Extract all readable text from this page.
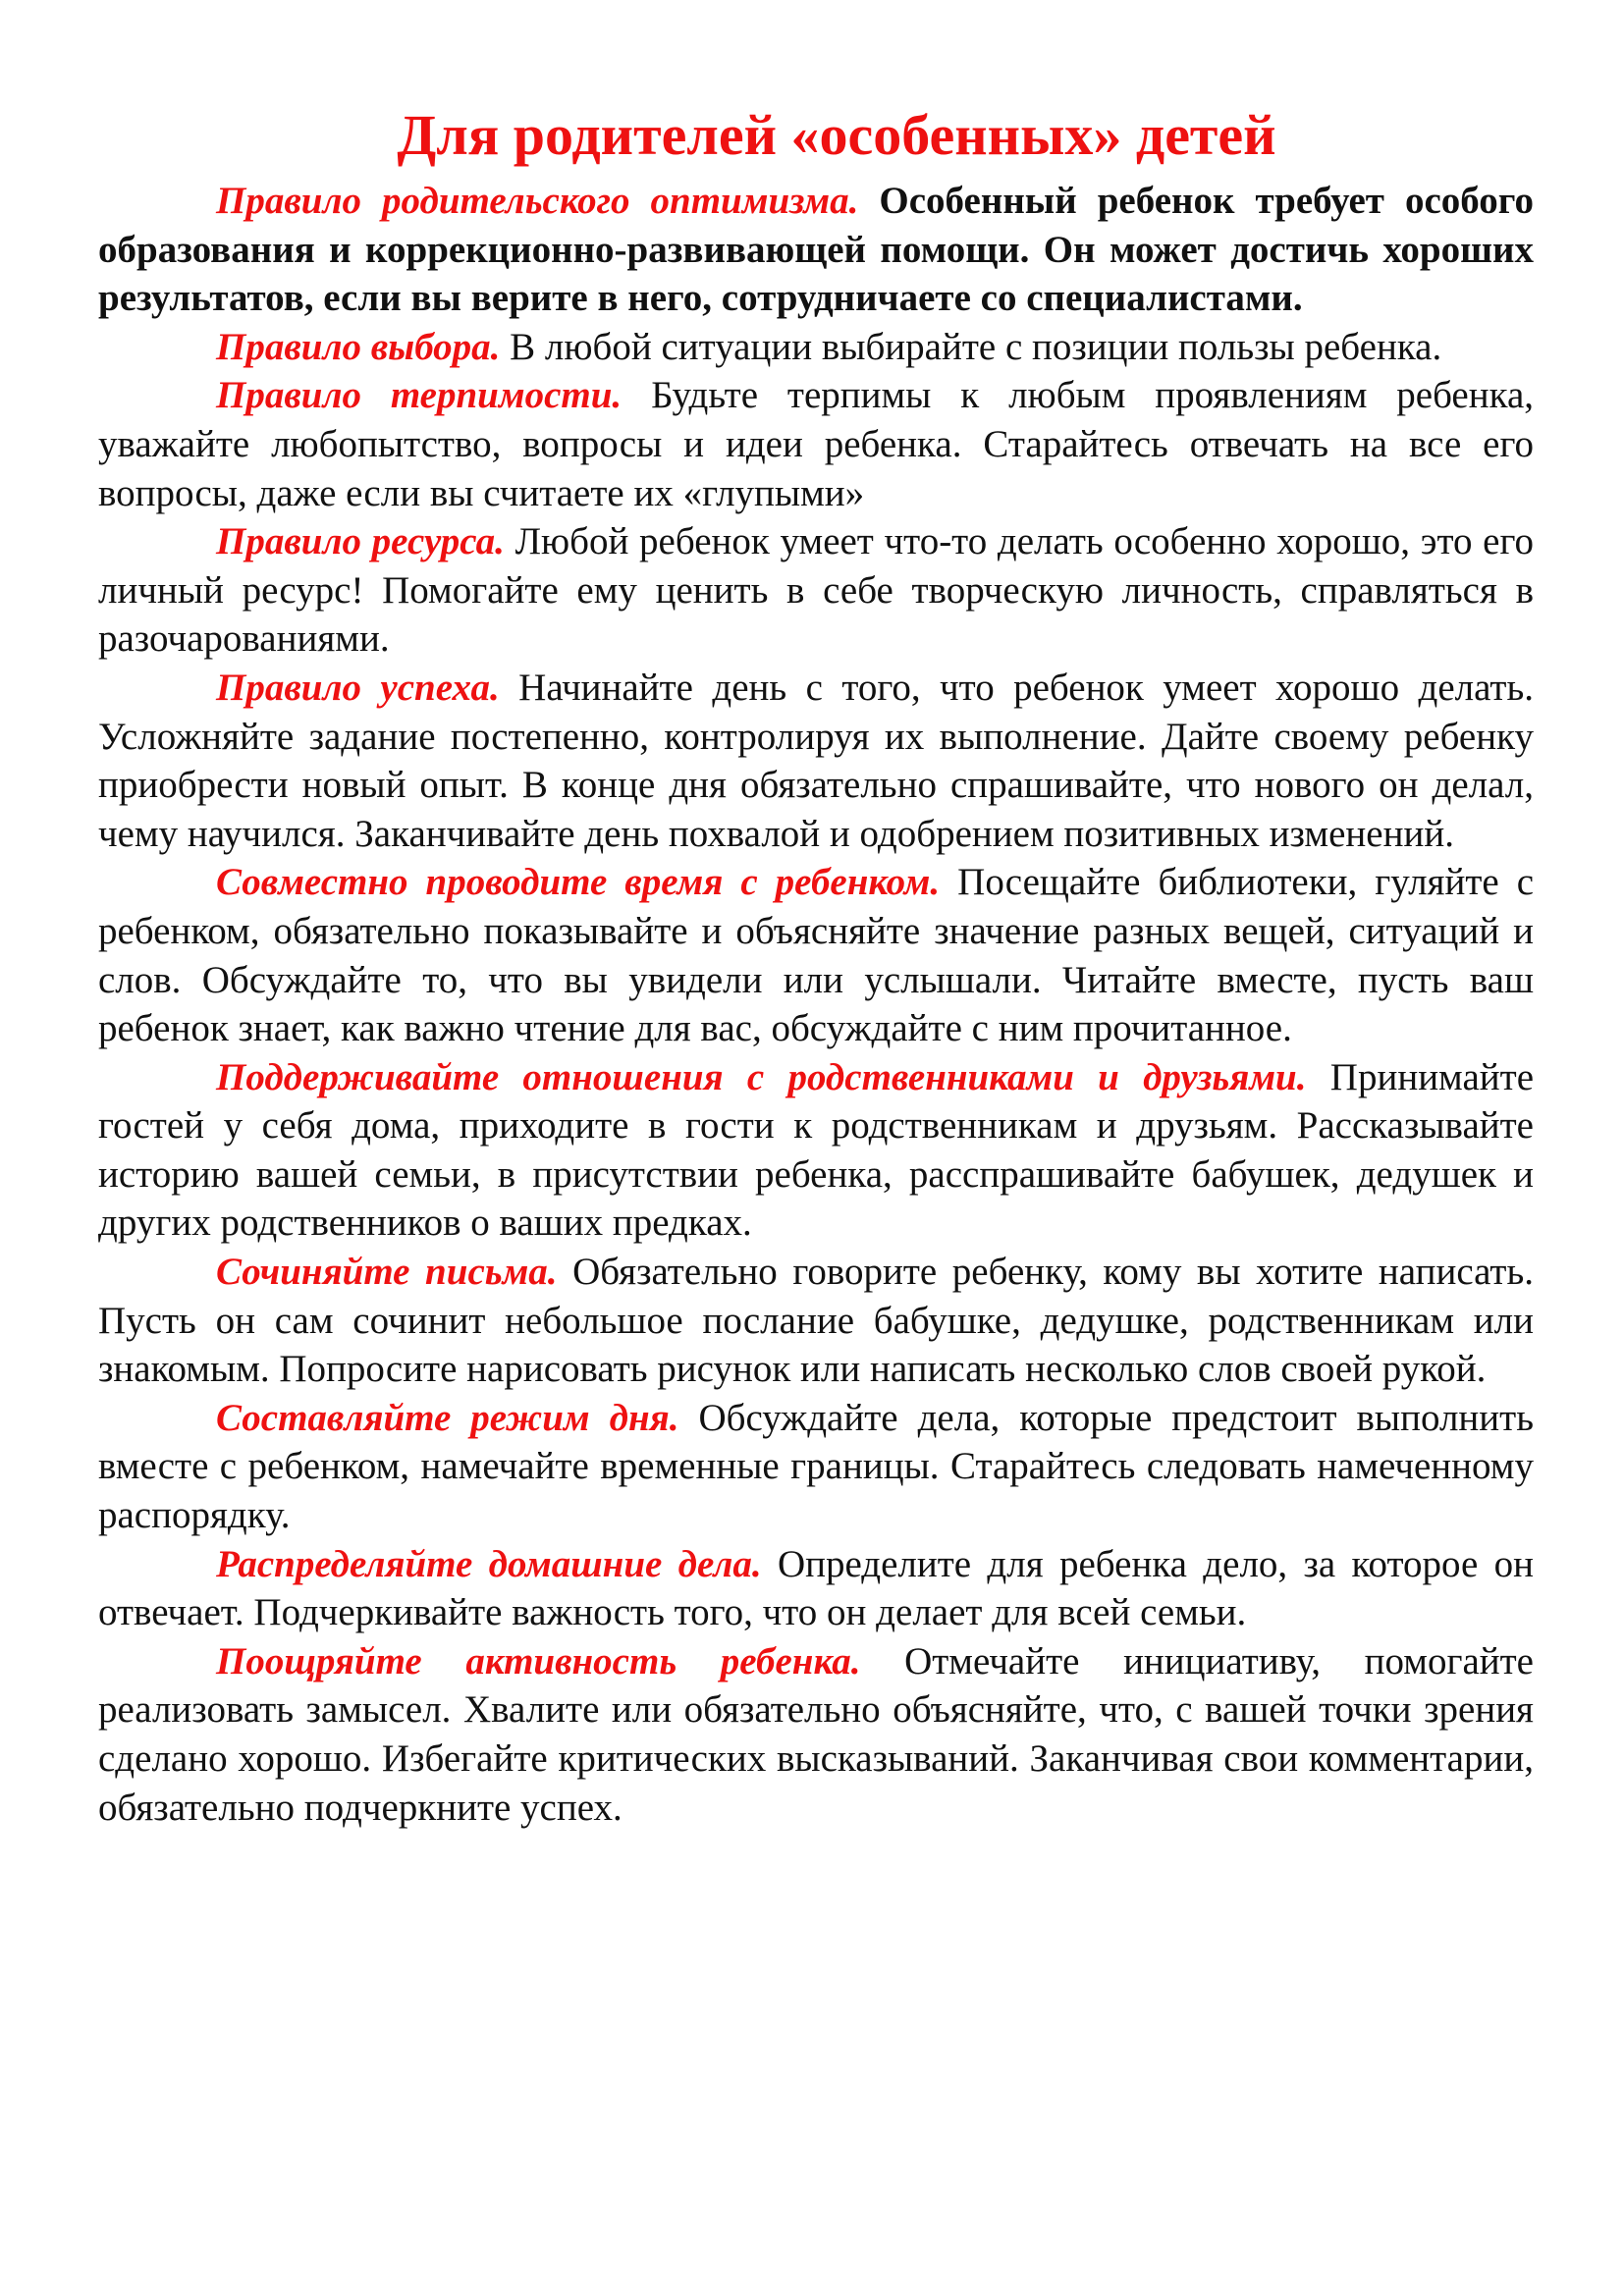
Для родителей «особенных» детей

Правило родительского оптимизма. Особенный ребенок требует особого образования и коррекционно-развивающей помощи. Он может достичь хороших результатов, если вы верите в него, сотрудничаете со специалистами.

Правило выбора. В любой ситуации выбирайте с позиции пользы ребенка.

Правило терпимости. Будьте терпимы к любым проявлениям ребенка, уважайте любопытство, вопросы и идеи ребенка. Старайтесь отвечать на все его вопросы, даже если вы считаете их «глупыми»

Правило ресурса. Любой ребенок умеет что-то делать особенно хорошо, это его личный ресурс! Помогайте ему ценить в себе творческую личность, справляться в разочарованиями.

Правило успеха. Начинайте день с того, что ребенок умеет хорошо делать. Усложняйте задание постепенно, контролируя их выполнение. Дайте своему ребенку приобрести новый опыт. В конце дня обязательно спрашивайте, что нового он делал, чему научился. Заканчивайте день похвалой и одобрением позитивных изменений.

Совместно проводите время с ребенком. Посещайте библиотеки, гуляйте с ребенком, обязательно показывайте и объясняйте значение разных вещей, ситуаций и слов. Обсуждайте то, что вы увидели или услышали. Читайте вместе, пусть ваш ребенок знает, как важно чтение для вас, обсуждайте с ним прочитанное.

Поддерживайте отношения с родственниками и друзьями. Принимайте гостей у себя дома, приходите в гости к родственникам и друзьям. Рассказывайте историю вашей семьи, в присутствии ребенка, расспрашивайте бабушек, дедушек и других родственников о ваших предках.

Сочиняйте письма. Обязательно говорите ребенку, кому вы хотите написать. Пусть он сам сочинит небольшое послание бабушке, дедушке, родственникам или знакомым. Попросите нарисовать рисунок или написать несколько слов своей рукой.

Составляйте режим дня. Обсуждайте дела, которые предстоит выполнить вместе с ребенком, намечайте временные границы. Старайтесь следовать намеченному распорядку.

Распределяйте домашние дела. Определите для ребенка дело, за которое он отвечает. Подчеркивайте важность того, что он делает для всей семьи.

Поощряйте активность ребенка. Отмечайте инициативу, помогайте реализовать замысел. Хвалите или обязательно объясняйте, что, с вашей точки зрения сделано хорошо. Избегайте критических высказываний. Заканчивая свои комментарии, обязательно подчеркните успех.
